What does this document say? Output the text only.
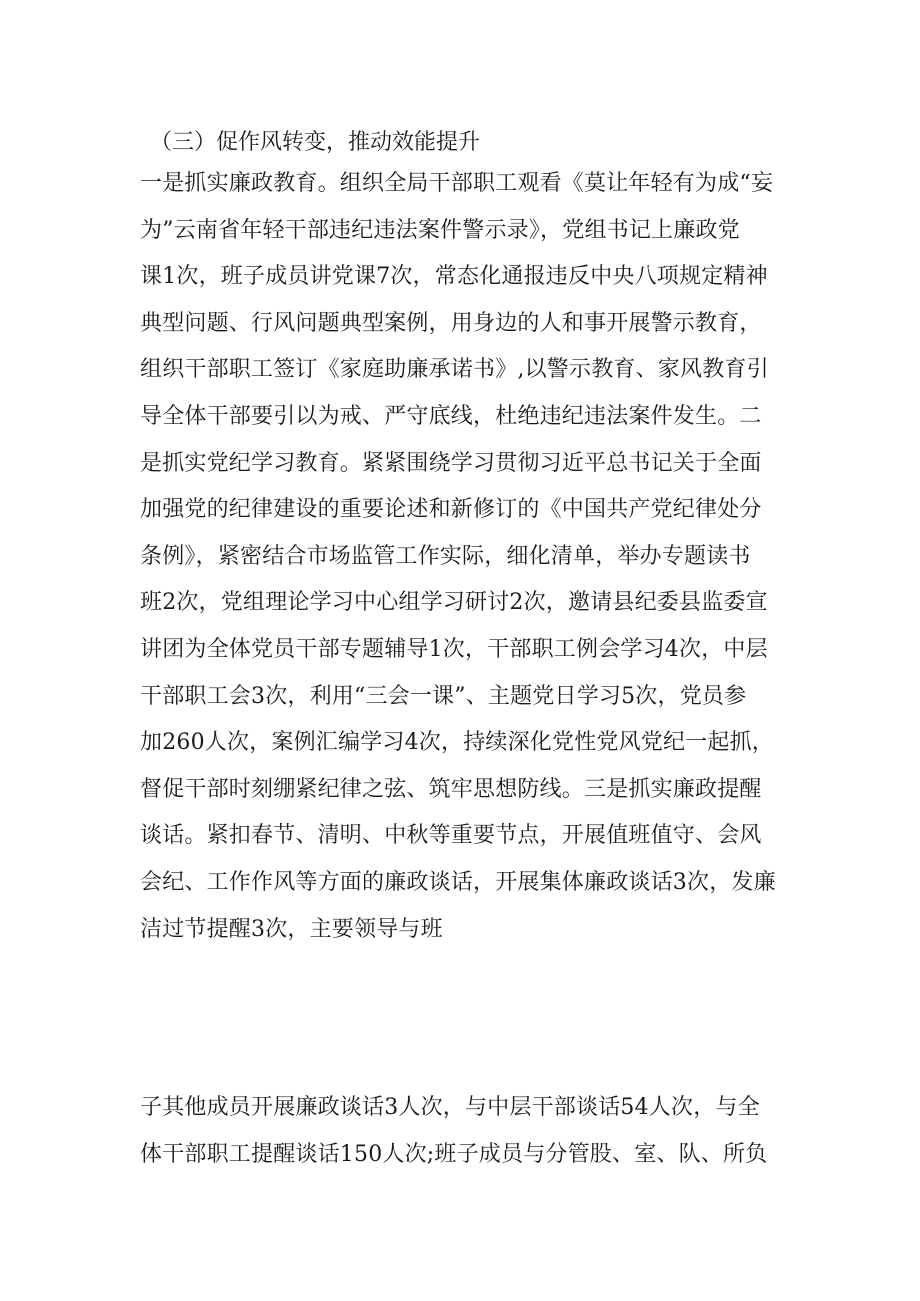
（三）促作风转变，推动效能提升
一是抓实廉政教育。组织全局干部职工观看《莫让年轻有为成“妄
为”云南省年轻干部违纪违法案件警示录》，党组书记上廉政党
课1次，班子成员讲党课7次，常态化通报违反中央八项规定精神
典型问题、行风问题典型案例，用身边的人和事开展警示教育，
组织干部职工签订《家庭助廉承诺书》,以警示教育、家风教育引
导全体干部要引以为戒、严守底线，杜绝违纪违法案件发生。二
是抓实党纪学习教育。紧紧围绕学习贯彻习近平总书记关于全面
加强党的纪律建设的重要论述和新修订的《中国共产党纪律处分
条例》，紧密结合市场监管工作实际，细化清单，举办专题读书
班2次，党组理论学习中心组学习研讨2次，邀请县纪委县监委宣
讲团为全体党员干部专题辅导1次，干部职工例会学习4次，中层
干部职工会3次，利用“三会一课”、主题党日学习5次，党员参
加260人次，案例汇编学习4次，持续深化党性党风党纪一起抓，
督促干部时刻绷紧纪律之弦、筑牢思想防线。三是抓实廉政提醒
谈话。紧扣春节、清明、中秋等重要节点，开展值班值守、会风
会纪、工作作风等方面的廉政谈话，开展集体廉政谈话3次，发廉
洁过节提醒3次，主要领导与班
子其他成员开展廉政谈话3人次，与中层干部谈话54人次，与全
体干部职工提醒谈话150人次;班子成员与分管股、室、队、所负
